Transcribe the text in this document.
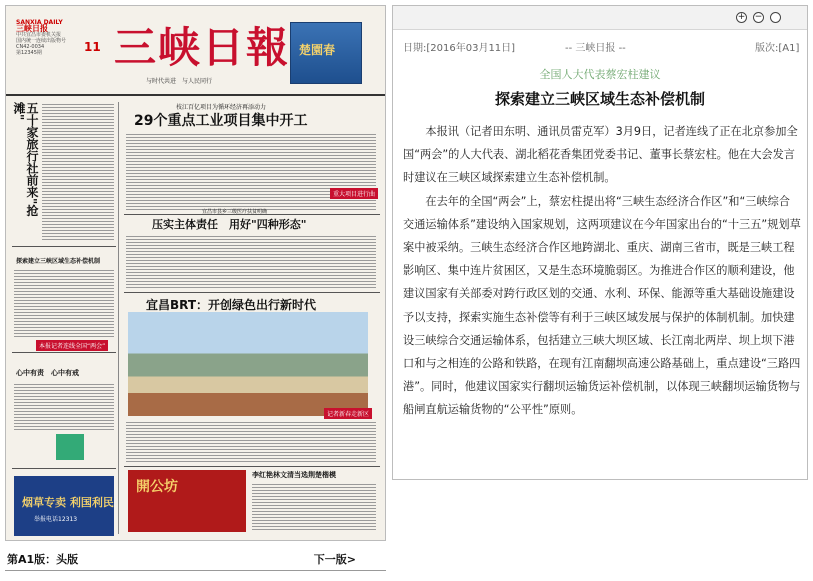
SANXIA DAILY
三峡日报
中共宜昌市委机关报
国内统一连续出版物号
CN42-0034
第12345期	11 三峡日報
与时代共进　与人民同行
楚園春
五十家旅行社前来"抢滩"
探索建立三峡区域生态补偿机制
本报记者连线全国“两会”
心中有责　心中有戒
烟草专卖 利国利民
举报电话12313
枝江百亿项目为循环经济再添动力
29个重点工业项目集中开工
重大项目进行曲
宜昌市县乡三级医疗扶贫明确
压实主体责任　用好"四种形态"
宜昌BRT：开创绿色出行新时代
记者新春走新区
開公坊
李红艳林文清当选荆楚楷模
第A1版：头版	下一版>
+ −
日期:[2016年03月11日]	-- 三峡日报 --	版次:[A1]
全国人大代表蔡宏柱建议
探索建立三峡区域生态补偿机制

本报讯（记者田东明、通讯员雷克军）3月9日，记者连线了正在北京参加全国“两会”的人大代表、湖北稻花香集团党委书记、董事长蔡宏柱。他在大会发言时建议在三峡区域探索建立生态补偿机制。

在去年的全国“两会”上，蔡宏柱提出将“三峡生态经济合作区”和“三峡综合交通运输体系”建设纳入国家规划，这两项建议在今年国家出台的“十三五”规划草案中被采纳。三峡生态经济合作区地跨湖北、重庆、湖南三省市，既是三峡工程影响区、集中连片贫困区，又是生态环境脆弱区。为推进合作区的顺利建设，他建议国家有关部委对跨行政区划的交通、水利、环保、能源等重大基础设施建设予以支持，探索实施生态补偿等有利于三峡区域发展与保护的体制机制。加快建设三峡综合交通运输体系，包括建立三峡大坝区域、长江南北两岸、坝上坝下港口和与之相连的公路和铁路，在现有江南翻坝高速公路基础上，重点建设“三路四港”。同时，他建议国家实行翻坝运输货运补偿机制，以体现三峡翻坝运输货物与船闸直航运输货物的“公平性”原则。
